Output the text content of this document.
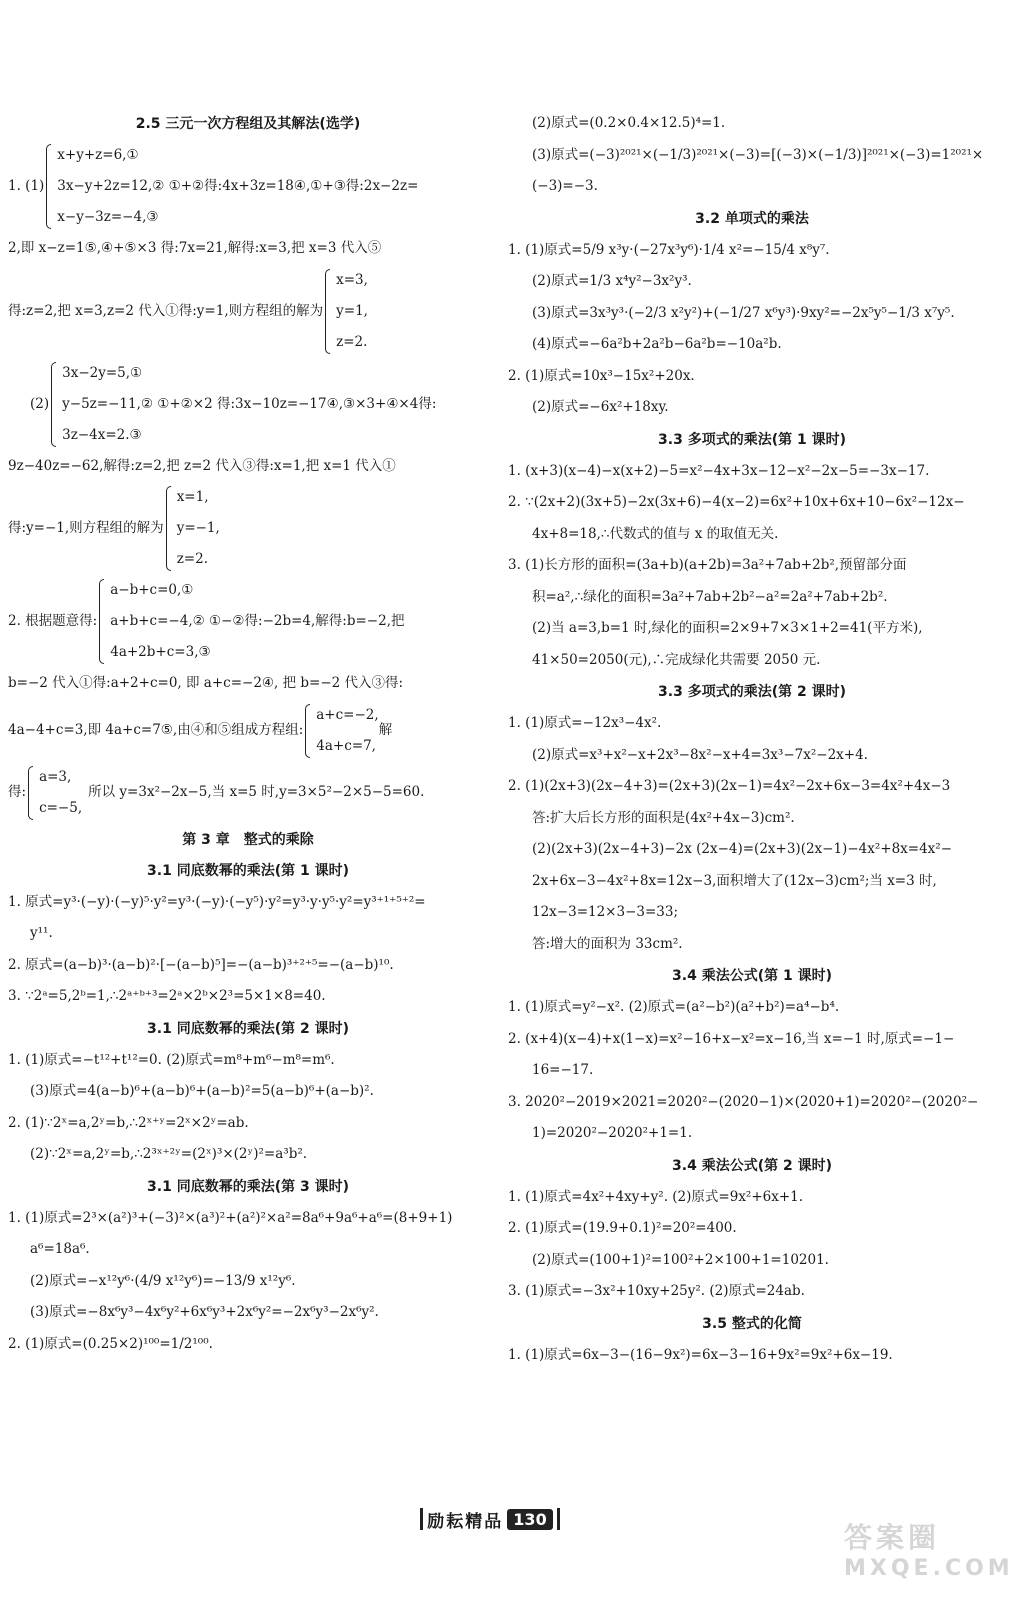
2.5 三元一次方程组及其解法(选学)
1. (1)
x+y+z=6,①
3x−y+2z=12,② ①+②得:4x+3z=18④,①+③得:2x−2z=
x−y−3z=−4,③
2,即 x−z=1⑤,④+⑤×3 得:7x=21,解得:x=3,把 x=3 代入⑤
得:z=2,把 x=3,z=2 代入①得:y=1,则方程组的解为
x=3,
y=1,
z=2.
(2)
3x−2y=5,①
y−5z=−11,② ①+②×2 得:3x−10z=−17④,③×3+④×4得:
3z−4x=2.③
9z−40z=−62,解得:z=2,把 z=2 代入③得:x=1,把 x=1 代入①
得:y=−1,则方程组的解为
x=1,
y=−1,
z=2.
2. 根据题意得:
a−b+c=0,①
a+b+c=−4,② ①−②得:−2b=4,解得:b=−2,把
4a+2b+c=3,③
b=−2 代入①得:a+2+c=0, 即 a+c=−2④, 把 b=−2 代入③得:
4a−4+c=3,即 4a+c=7⑤,由④和⑤组成方程组:
a+c=−2,
4a+c=7,
解
得:
a=3,
c=−5,
所以 y=3x²−2x−5,当 x=5 时,y=3×5²−2×5−5=60.
第 3 章　整式的乘除
3.1 同底数幂的乘法(第 1 课时)
1. 原式=y³·(−y)·(−y)⁵·y²=y³·(−y)·(−y⁵)·y²=y³·y·y⁵·y²=y³⁺¹⁺⁵⁺²=
y¹¹.
2. 原式=(a−b)³·(a−b)²·[−(a−b)⁵]=−(a−b)³⁺²⁺⁵=−(a−b)¹⁰.
3. ∵2ᵃ=5,2ᵇ=1,∴2ᵃ⁺ᵇ⁺³=2ᵃ×2ᵇ×2³=5×1×8=40.
3.1 同底数幂的乘法(第 2 课时)
1. (1)原式=−t¹²+t¹²=0. (2)原式=m⁸+m⁶−m⁸=m⁶.
(3)原式=4(a−b)⁶+(a−b)⁶+(a−b)²=5(a−b)⁶+(a−b)².
2. (1)∵2ˣ=a,2ʸ=b,∴2ˣ⁺ʸ=2ˣ×2ʸ=ab.
(2)∵2ˣ=a,2ʸ=b,∴2³ˣ⁺²ʸ=(2ˣ)³×(2ʸ)²=a³b².
3.1 同底数幂的乘法(第 3 课时)
1. (1)原式=2³×(a²)³+(−3)²×(a³)²+(a²)²×a²=8a⁶+9a⁶+a⁶=(8+9+1)
a⁶=18a⁶.
(2)原式=−x¹²y⁶·(4/9 x¹²y⁶)=−13/9 x¹²y⁶.
(3)原式=−8x⁶y³−4x⁶y²+6x⁶y³+2x⁶y²=−2x⁶y³−2x⁶y².
2. (1)原式=(0.25×2)¹⁰⁰=1/2¹⁰⁰.
(2)原式=(0.2×0.4×12.5)⁴=1.
(3)原式=(−3)²⁰²¹×(−1/3)²⁰²¹×(−3)=[(−3)×(−1/3)]²⁰²¹×(−3)=1²⁰²¹×
(−3)=−3.
3.2 单项式的乘法
1. (1)原式=5/9 x³y·(−27x³y⁶)·1/4 x²=−15/4 x⁸y⁷.
(2)原式=1/3 x⁴y²−3x²y³.
(3)原式=3x³y³·(−2/3 x²y²)+(−1/27 x⁶y³)·9xy²=−2x⁵y⁵−1/3 x⁷y⁵.
(4)原式=−6a²b+2a²b−6a²b=−10a²b.
2. (1)原式=10x³−15x²+20x.
(2)原式=−6x²+18xy.
3.3 多项式的乘法(第 1 课时)
1. (x+3)(x−4)−x(x+2)−5=x²−4x+3x−12−x²−2x−5=−3x−17.
2. ∵(2x+2)(3x+5)−2x(3x+6)−4(x−2)=6x²+10x+6x+10−6x²−12x−
4x+8=18,∴代数式的值与 x 的取值无关.
3. (1)长方形的面积=(3a+b)(a+2b)=3a²+7ab+2b²,预留部分面
积=a²,∴绿化的面积=3a²+7ab+2b²−a²=2a²+7ab+2b².
(2)当 a=3,b=1 时,绿化的面积=2×9+7×3×1+2=41(平方米),
41×50=2050(元),∴完成绿化共需要 2050 元.
3.3 多项式的乘法(第 2 课时)
1. (1)原式=−12x³−4x².
(2)原式=x³+x²−x+2x³−8x²−x+4=3x³−7x²−2x+4.
2. (1)(2x+3)(2x−4+3)=(2x+3)(2x−1)=4x²−2x+6x−3=4x²+4x−3
答:扩大后长方形的面积是(4x²+4x−3)cm².
(2)(2x+3)(2x−4+3)−2x (2x−4)=(2x+3)(2x−1)−4x²+8x=4x²−
2x+6x−3−4x²+8x=12x−3,面积增大了(12x−3)cm²;当 x=3 时,
12x−3=12×3−3=33;
答:增大的面积为 33cm².
3.4 乘法公式(第 1 课时)
1. (1)原式=y²−x². (2)原式=(a²−b²)(a²+b²)=a⁴−b⁴.
2. (x+4)(x−4)+x(1−x)=x²−16+x−x²=x−16,当 x=−1 时,原式=−1−
16=−17.
3. 2020²−2019×2021=2020²−(2020−1)×(2020+1)=2020²−(2020²−
1)=2020²−2020²+1=1.
3.4 乘法公式(第 2 课时)
1. (1)原式=4x²+4xy+y². (2)原式=9x²+6x+1.
2. (1)原式=(19.9+0.1)²=20²=400.
(2)原式=(100+1)²=100²+2×100+1=10201.
3. (1)原式=−3x²+10xy+25y². (2)原式=24ab.
3.5 整式的化简
1. (1)原式=6x−3−(16−9x²)=6x−3−16+9x²=9x²+6x−19.
励耘精品 130
答案圈
MXQE.COM
